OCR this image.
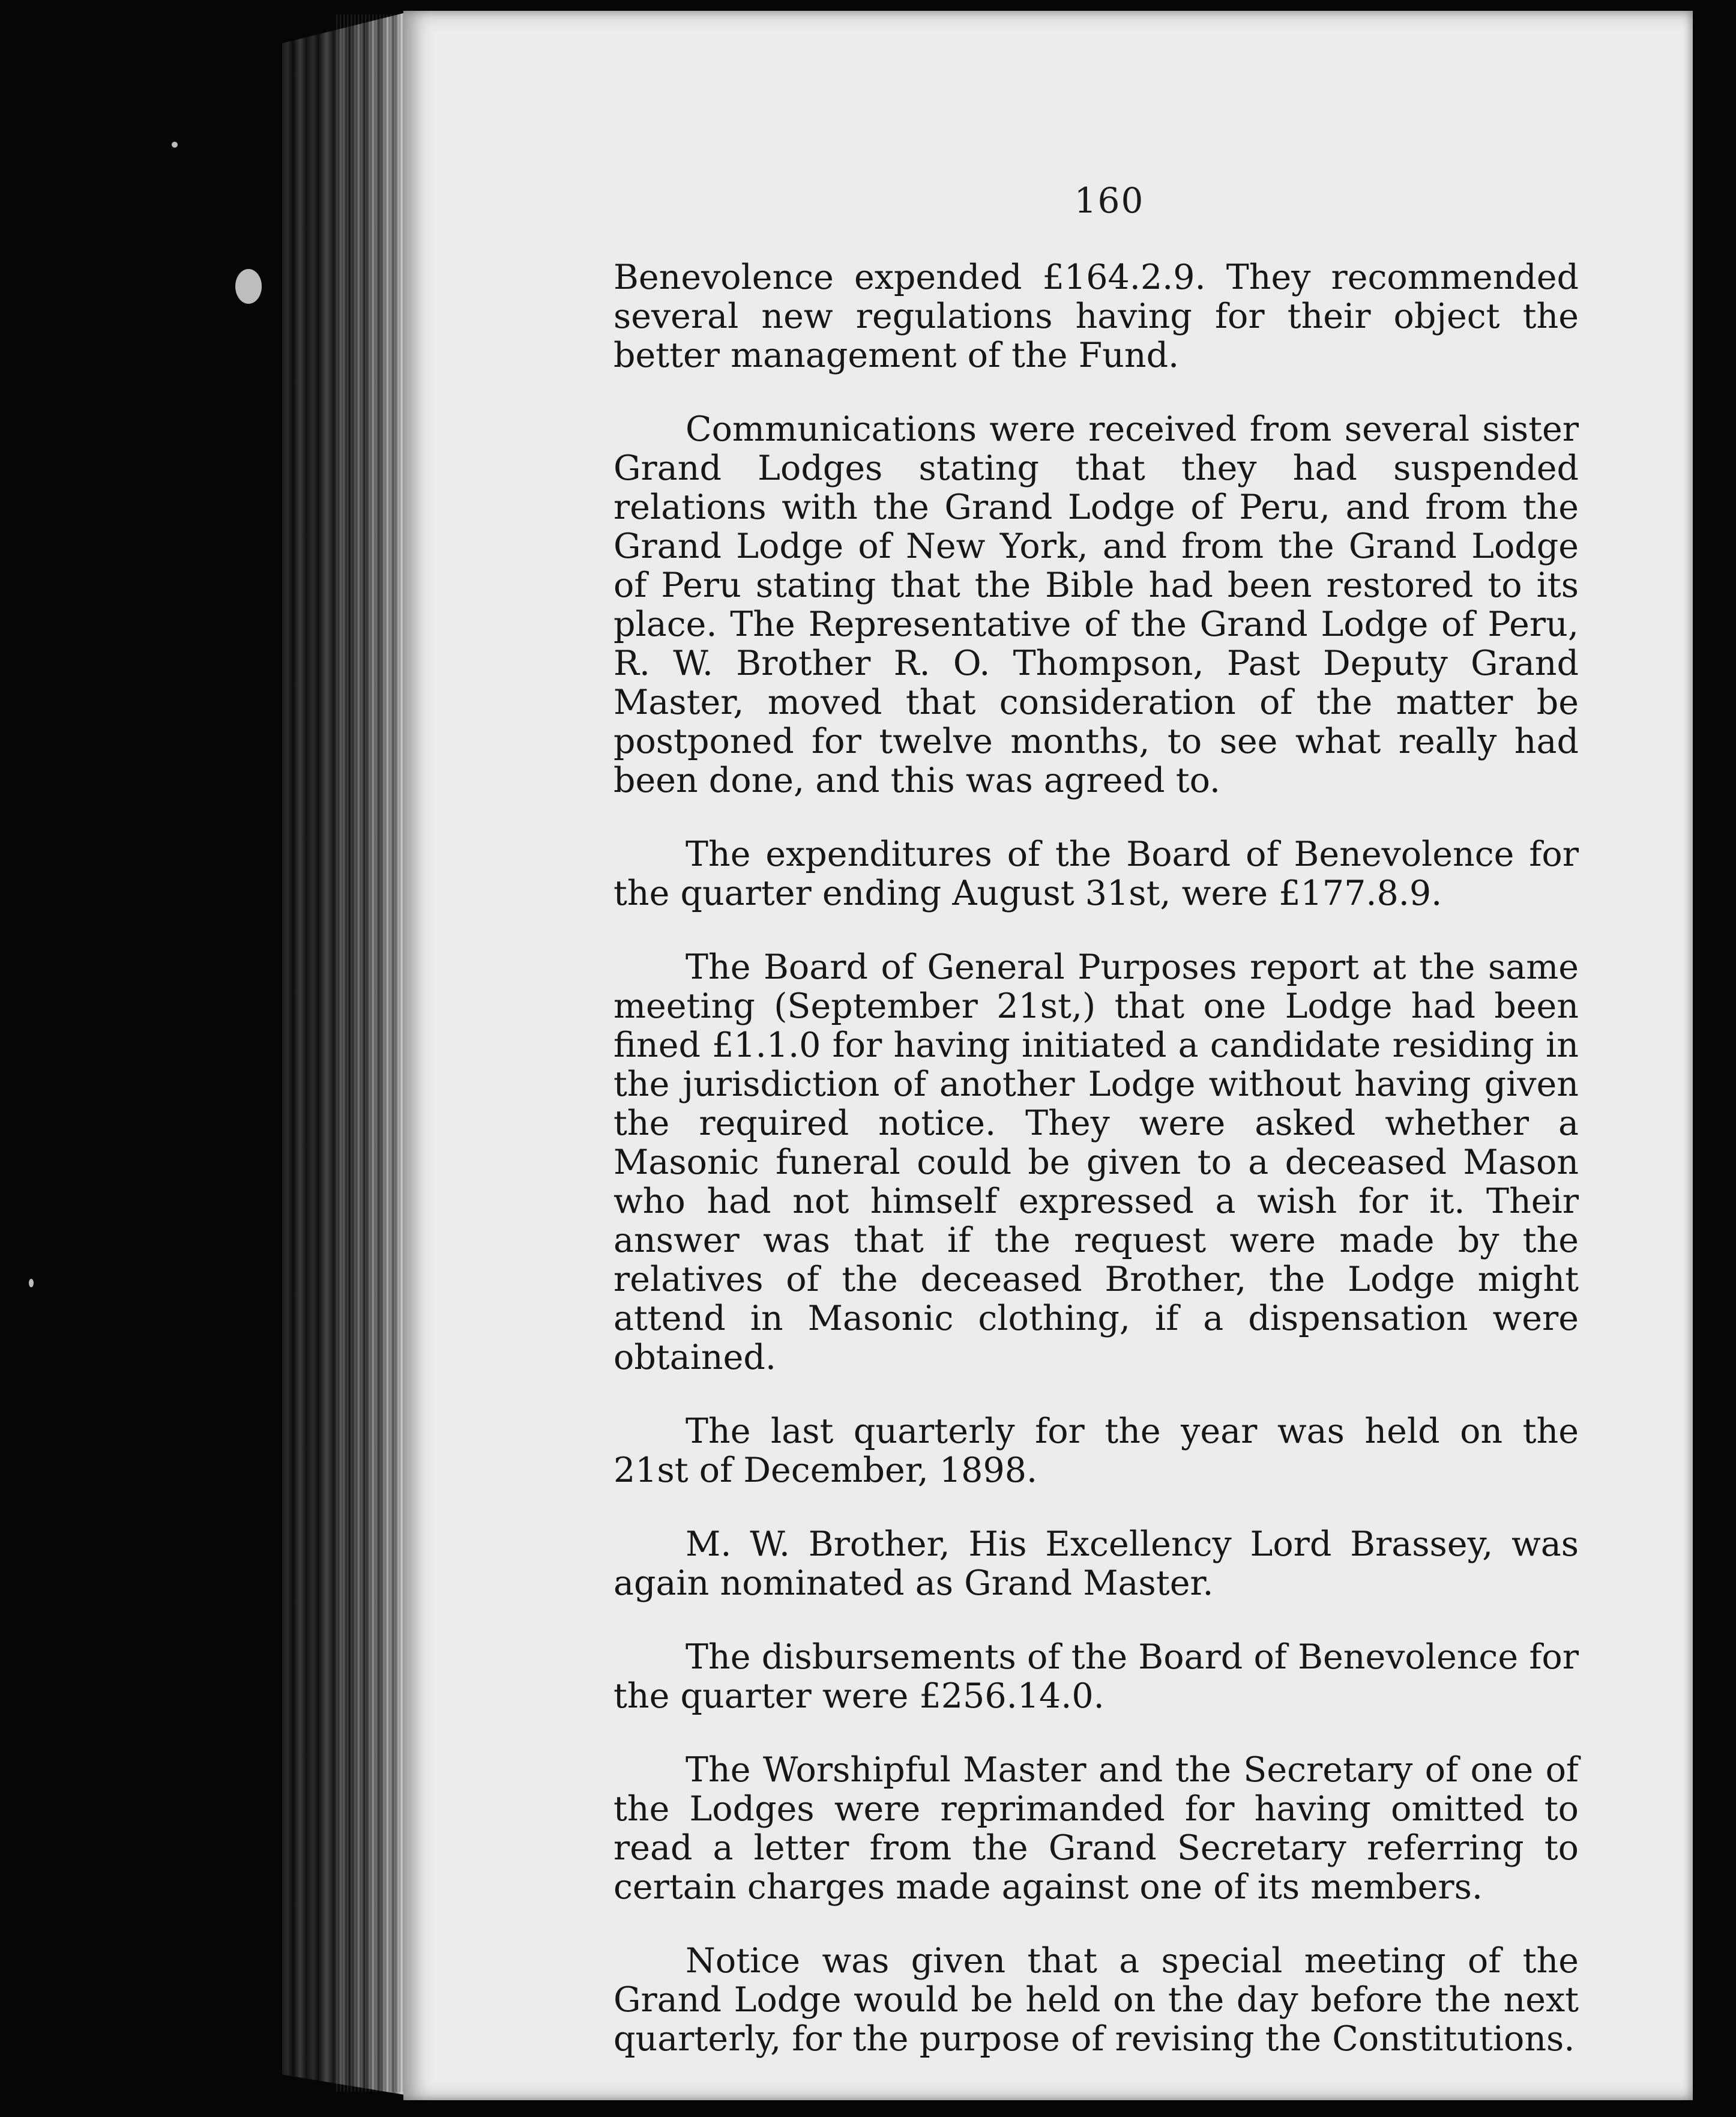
160

Benevolence expended £164.2.9. They recommended several new regulations having for their object the better management of the Fund.

Communications were received from several sister Grand Lodges stating that they had suspended relations with the Grand Lodge of Peru, and from the Grand Lodge of New York, and from the Grand Lodge of Peru stating that the Bible had been restored to its place. The Representative of the Grand Lodge of Peru, R. W. Brother R. O. Thompson, Past Deputy Grand Master, moved that consideration of the matter be postponed for twelve months, to see what really had been done, and this was agreed to.

The expenditures of the Board of Benevolence for the quarter ending August 31st, were £177.8.9.

The Board of General Purposes report at the same meeting (September 21st,) that one Lodge had been fined £1.1.0 for having initiated a candidate residing in the jurisdiction of another Lodge without having given the required notice. They were asked whether a Masonic funeral could be given to a deceased Mason who had not himself expressed a wish for it. Their answer was that if the request were made by the relatives of the deceased Brother, the Lodge might attend in Masonic clothing, if a dispensation were obtained.

The last quarterly for the year was held on the 21st of December, 1898.

M. W. Brother, His Excellency Lord Brassey, was again nominated as Grand Master.

The disbursements of the Board of Benevolence for the quarter were £256.14.0.

The Worshipful Master and the Secretary of one of the Lodges were reprimanded for having omitted to read a letter from the Grand Secretary referring to certain charges made against one of its members.

Notice was given that a special meeting of the Grand Lodge would be held on the day before the next quarterly, for the purpose of revising the Constitutions.
